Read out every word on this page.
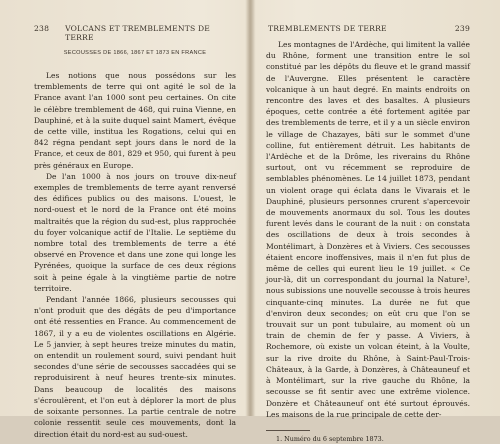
238	VOLCANS ET TREMBLEMENTS DE TERRE
SECOUSSES DE 1866, 1867 ET 1873 EN FRANCE

Les notions que nous possédons sur les tremblements de terre qui ont agité le sol de la France avant l'an 1000 sont peu certaines. On cite le célèbre tremblement de 468, qui ruina Vienne, en Dauphiné, et à la suite duquel saint Mamert, évêque de cette ville, institua les Rogations, celui qui en 842 régna pendant sept jours dans le nord de la France, et ceux de 801, 829 et 950, qui furent à peu près généraux en Europe.

De l'an 1000 à nos jours on trouve dix-neuf exemples de tremblements de terre ayant renversé des édifices publics ou des maisons. L'ouest, le nord-ouest et le nord de la France ont été moins maltraités que la région du sud-est, plus rapprochée du foyer volcanique actif de l'Italie. Le septième du nombre total des tremblements de terre a été observé en Provence et dans une zone qui longe les Pyrénées, quoique la surface de ces deux régions soit à peine égale à la vingtième partie de notre territoire.

Pendant l'année 1866, plusieurs secousses qui n'ont produit que des dégâts de peu d'importance ont été ressenties en France. Au commencement de 1867, il y a eu de violentes oscillations en Algérie. Le 5 janvier, à sept heures treize minutes du matin, on entendit un roulement sourd, suivi pendant huit secondes d'une série de secousses saccadées qui se reproduisirent à neuf heures trente-six minutes. Dans beaucoup de localités des maisons s'écroulèrent, et l'on eut à déplorer la mort de plus de soixante personnes. La partie centrale de notre colonie ressentit seule ces mouvements, dont la direction était du nord-est au sud-ouest.

TREMBLEMENTS DE TERRE	239

Les montagnes de l'Ardèche, qui limitent la vallée du Rhône, forment une transition entre le sol constitué par les dépôts du fleuve et le grand massif de l'Auvergne. Elles présentent le caractère volcanique à un haut degré. En maints endroits on rencontre des laves et des basaltes. A plusieurs époques, cette contrée a été fortement agitée par des tremblements de terre, et il y a un siècle environ le village de Chazayes, bâti sur le sommet d'une colline, fut entièrement détruit. Les habitants de l'Ardèche et de la Drôme, les riverains du Rhône surtout, ont vu récemment se reproduire de semblables phénomènes. Le 14 juillet 1873, pendant un violent orage qui éclata dans le Vivarais et le Dauphiné, plusieurs personnes crurent s'apercevoir de mouvements anormaux du sol. Tous les doutes furent levés dans le courant de la nuit : on constata des oscillations de deux à trois secondes à Montélimart, à Donzères et à Viviers. Ces secousses étaient encore inoffensives, mais il n'en fut plus de même de celles qui eurent lieu le 19 juillet. « Ce jour-là, dit un correspondant du journal la Nature¹, nous subissions une nouvelle secousse à trois heures cinquante-cinq minutes. La durée ne fut que d'environ deux secondes; on eût cru que l'on se trouvait sur un pont tubulaire, au moment où un train de chemin de fer y passe. A Viviers, à Rochemore, où existe un volcan éteint, à la Voulte, sur la rive droite du Rhône, à Saint-Paul-Trois-Châteaux, à la Garde, à Donzères, à Châteauneuf et à Montélimart, sur la rive gauche du Rhône, la secousse se fit sentir avec une extrême violence. Donzère et Châteauneuf ont été surtout éprouvés. Les maisons de la rue principale de cette der-

1. Numéro du 6 septembre 1873.
